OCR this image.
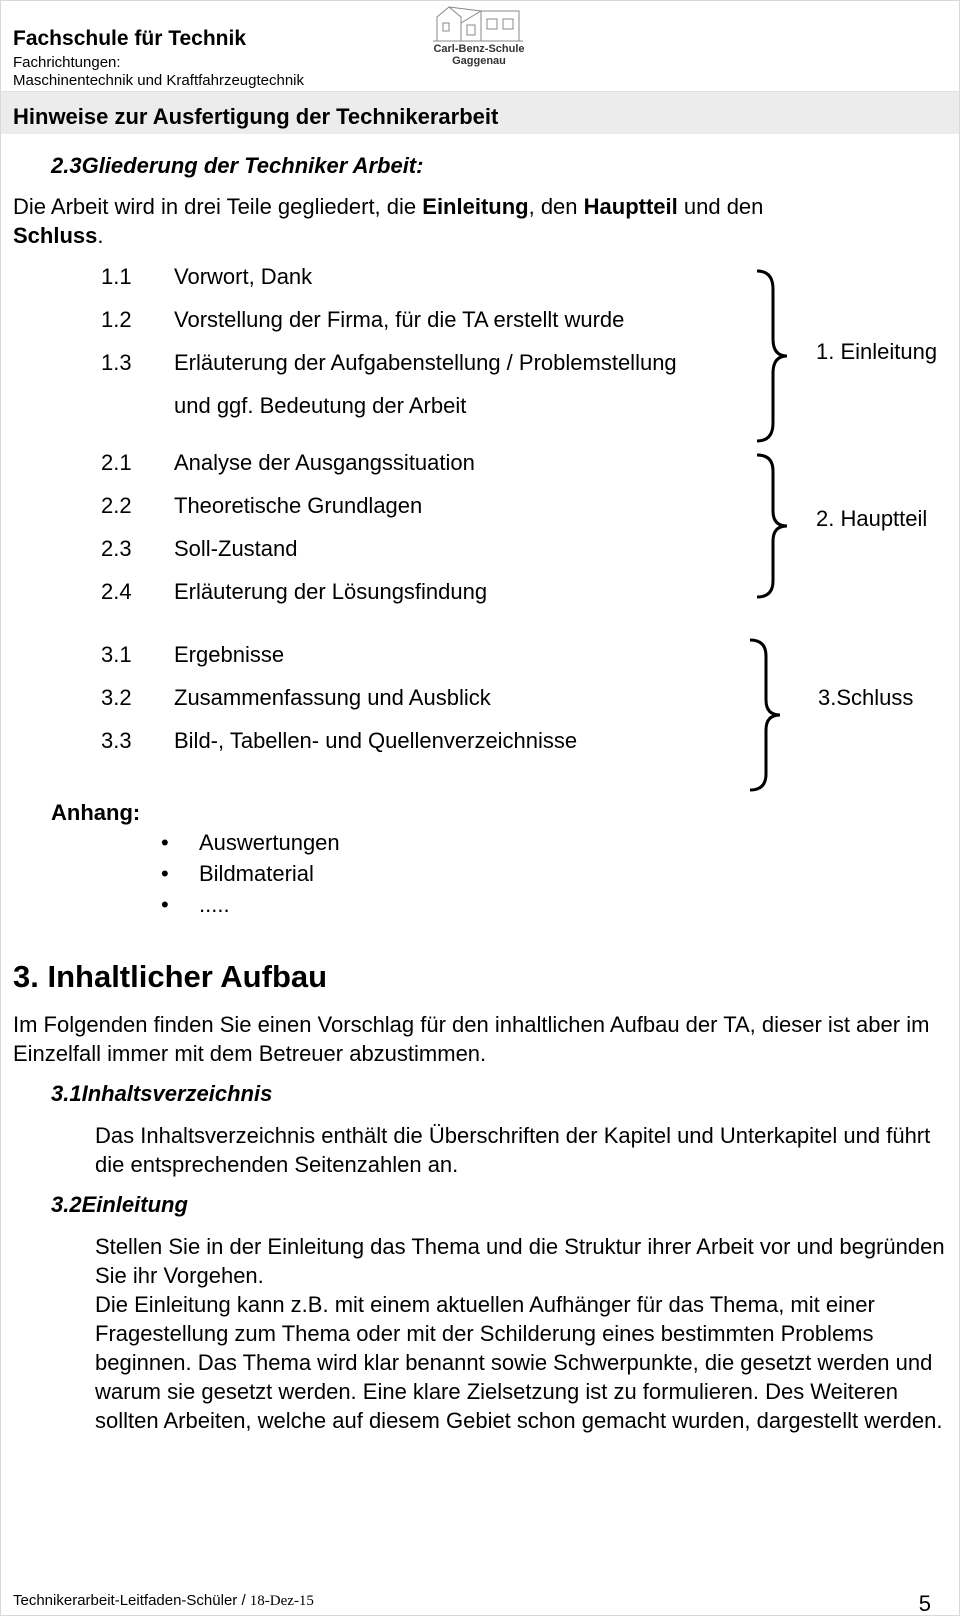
Fachschule für Technik
Fachrichtungen:
Maschinentechnik und Kraftfahrzeugtechnik
Carl-Benz-Schule
Gaggenau
Hinweise zur Ausfertigung der Technikerarbeit
2.3Gliederung der Techniker Arbeit:
Die Arbeit wird in drei Teile gegliedert, die Einleitung, den Hauptteil und den
Schluss.
1.1 Vorwort, Dank
1.2 Vorstellung der Firma, für die TA erstellt wurde
1.3 Erläuterung der Aufgabenstellung / Problemstellung
und ggf. Bedeutung der Arbeit
1. Einleitung
2.1 Analyse der Ausgangssituation
2.2 Theoretische Grundlagen
2.3 Soll-Zustand
2.4 Erläuterung der Lösungsfindung
2. Hauptteil
3.1 Ergebnisse
3.2 Zusammenfassung und Ausblick
3.3 Bild-, Tabellen- und Quellenverzeichnisse
3.Schluss
Anhang:
• Auswertungen
• Bildmaterial
• .....
3. Inhaltlicher Aufbau
Im Folgenden finden Sie einen Vorschlag für den inhaltlichen Aufbau der TA, dieser ist aber im Einzelfall immer mit dem Betreuer abzustimmen.
3.1Inhaltsverzeichnis
Das Inhaltsverzeichnis enthält die Überschriften der Kapitel und Unterkapitel und führt die entsprechenden Seitenzahlen an.
3.2Einleitung
Stellen Sie in der Einleitung das Thema und die Struktur ihrer Arbeit vor und begründen Sie ihr Vorgehen.
Die Einleitung kann z.B. mit einem aktuellen Aufhänger für das Thema, mit einer Fragestellung zum Thema oder mit der Schilderung eines bestimmten Problems beginnen. Das Thema wird klar benannt sowie Schwerpunkte, die gesetzt werden und warum sie gesetzt werden. Eine klare Zielsetzung ist zu formulieren. Des Weiteren sollten Arbeiten, welche auf diesem Gebiet schon gemacht wurden, dargestellt werden.
Technikerarbeit-Leitfaden-Schüler / 18-Dez-15	5
